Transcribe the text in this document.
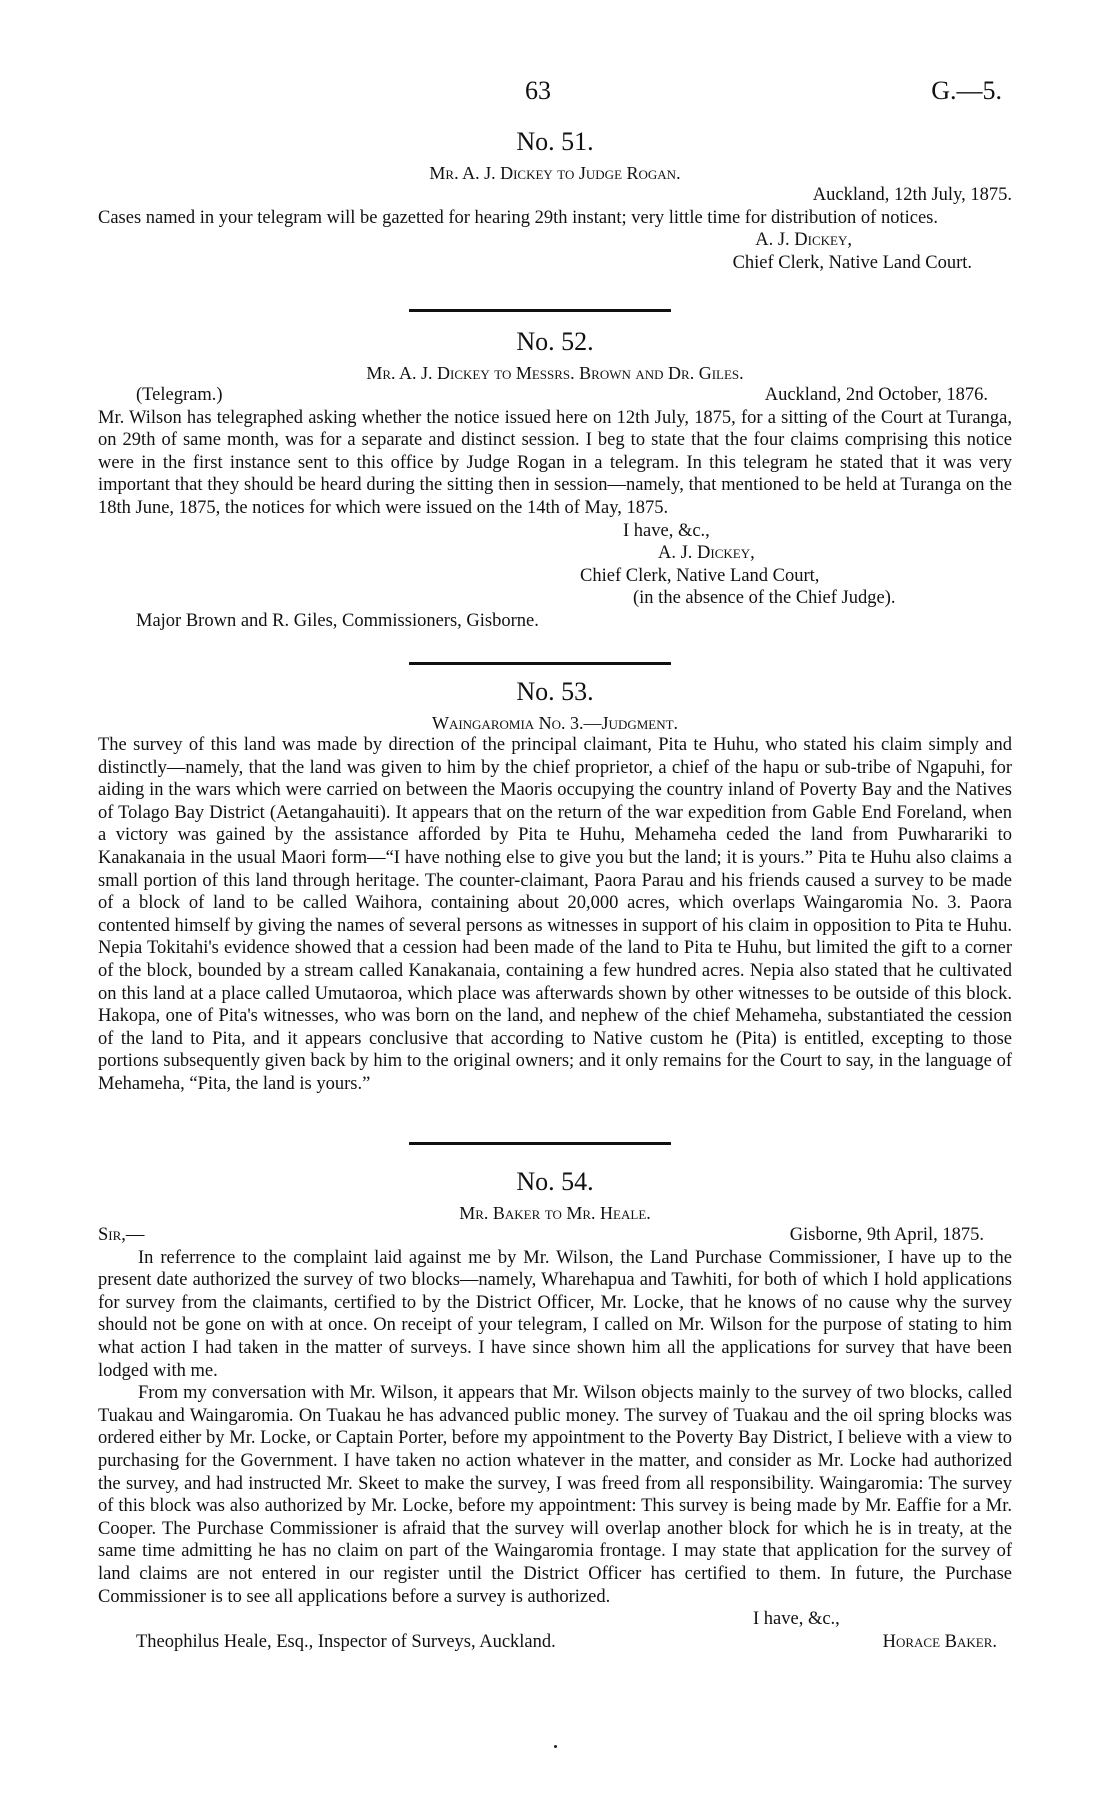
63	G.—5.
No. 51.
Mr. A. J. Dickey to Judge Rogan.
Auckland, 12th July, 1875.

Cases named in your telegram will be gazetted for hearing 29th instant; very little time for distribution of notices.

A. J. Dickey,
Chief Clerk, Native Land Court.
No. 52.
Mr. A. J. Dickey to Messrs. Brown and Dr. Giles.
(Telegram.)	Auckland, 2nd October, 1876.

Mr. Wilson has telegraphed asking whether the notice issued here on 12th July, 1875, for a sitting of the Court at Turanga, on 29th of same month, was for a separate and distinct session. I beg to state that the four claims comprising this notice were in the first instance sent to this office by Judge Rogan in a telegram. In this telegram he stated that it was very important that they should be heard during the sitting then in session—namely, that mentioned to be held at Turanga on the 18th June, 1875, the notices for which were issued on the 14th of May, 1875.

I have, &c.,
A. J. Dickey,
Chief Clerk, Native Land Court,
(in the absence of the Chief Judge).
Major Brown and R. Giles, Commissioners, Gisborne.
No. 53.
Waingaromia No. 3.—Judgment.

The survey of this land was made by direction of the principal claimant, Pita te Huhu, who stated his claim simply and distinctly—namely, that the land was given to him by the chief proprietor, a chief of the hapu or sub-tribe of Ngapuhi, for aiding in the wars which were carried on between the Maoris occupying the country inland of Poverty Bay and the Natives of Tolago Bay District (Aetangahauiti). It appears that on the return of the war expedition from Gable End Foreland, when a victory was gained by the assistance afforded by Pita te Huhu, Mehameha ceded the land from Puwharariki to Kanakanaia in the usual Maori form—“I have nothing else to give you but the land; it is yours.” Pita te Huhu also claims a small portion of this land through heritage. The counter-claimant, Paora Parau and his friends caused a survey to be made of a block of land to be called Waihora, containing about 20,000 acres, which overlaps Waingaromia No. 3. Paora contented himself by giving the names of several persons as witnesses in support of his claim in opposition to Pita te Huhu. Nepia Tokitahi's evidence showed that a cession had been made of the land to Pita te Huhu, but limited the gift to a corner of the block, bounded by a stream called Kanakanaia, containing a few hundred acres. Nepia also stated that he cultivated on this land at a place called Umutaoroa, which place was afterwards shown by other witnesses to be outside of this block. Hakopa, one of Pita's witnesses, who was born on the land, and nephew of the chief Mehameha, substantiated the cession of the land to Pita, and it appears conclusive that according to Native custom he (Pita) is entitled, excepting to those portions subsequently given back by him to the original owners; and it only remains for the Court to say, in the language of Mehameha, “Pita, the land is yours.”

No. 54.
Mr. Baker to Mr. Heale.
Sir,—	Gisborne, 9th April, 1875.

In referrence to the complaint laid against me by Mr. Wilson, the Land Purchase Commissioner, I have up to the present date authorized the survey of two blocks—namely, Wharehapua and Tawhiti, for both of which I hold applications for survey from the claimants, certified to by the District Officer, Mr. Locke, that he knows of no cause why the survey should not be gone on with at once. On receipt of your telegram, I called on Mr. Wilson for the purpose of stating to him what action I had taken in the matter of surveys. I have since shown him all the applications for survey that have been lodged with me.

From my conversation with Mr. Wilson, it appears that Mr. Wilson objects mainly to the survey of two blocks, called Tuakau and Waingaromia. On Tuakau he has advanced public money. The survey of Tuakau and the oil spring blocks was ordered either by Mr. Locke, or Captain Porter, before my appointment to the Poverty Bay District, I believe with a view to purchasing for the Government. I have taken no action whatever in the matter, and consider as Mr. Locke had authorized the survey, and had instructed Mr. Skeet to make the survey, I was freed from all responsibility. Waingaromia: The survey of this block was also authorized by Mr. Locke, before my appointment: This survey is being made by Mr. Eaffie for a Mr. Cooper. The Purchase Commissioner is afraid that the survey will overlap another block for which he is in treaty, at the same time admitting he has no claim on part of the Waingaromia frontage. I may state that application for the survey of land claims are not entered in our register until the District Officer has certified to them. In future, the Purchase Commissioner is to see all applications before a survey is authorized.

I have, &c.,
Theophilus Heale, Esq., Inspector of Surveys, Auckland.	Horace Baker.
